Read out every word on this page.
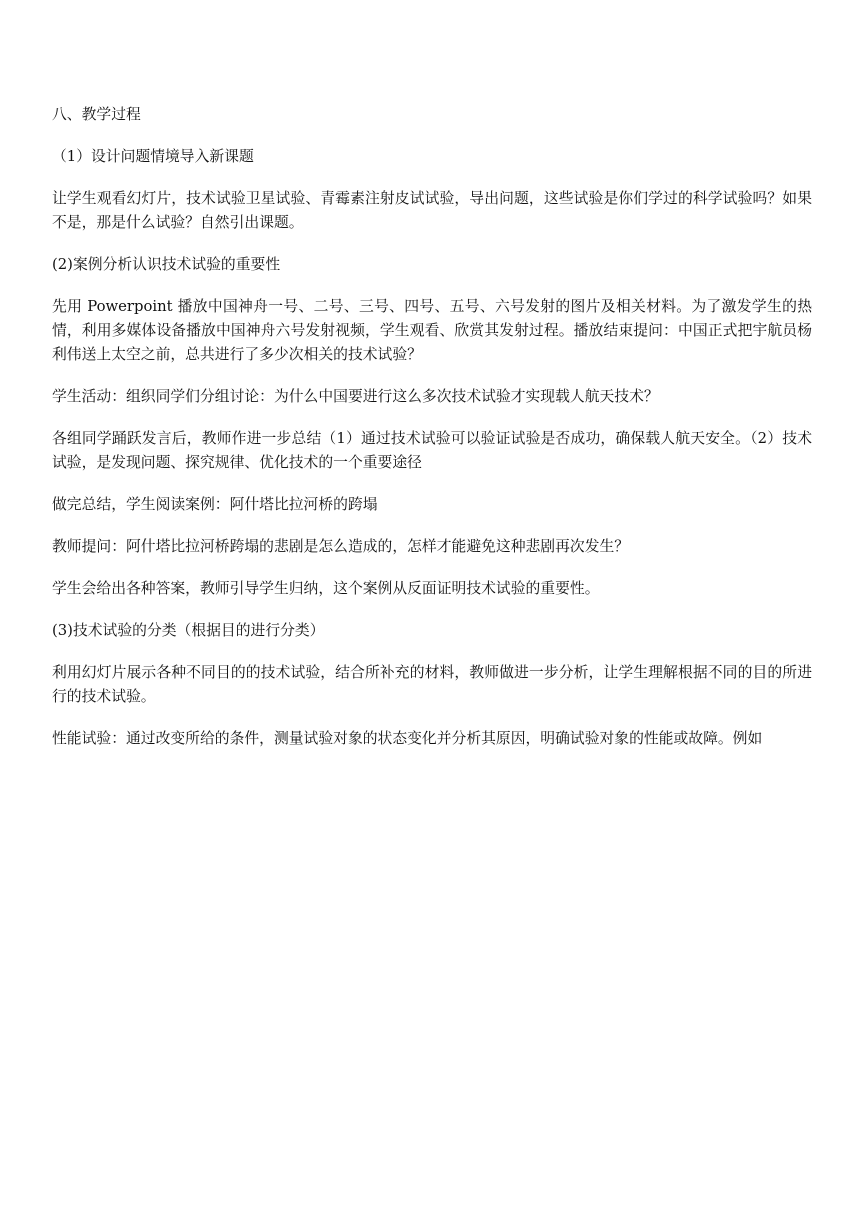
八、教学过程

（1）设计问题情境导入新课题

让学生观看幻灯片，技术试验卫星试验、青霉素注射皮试试验，导出问题，这些试验是你们学过的科学试验吗？如果不是，那是什么试验？自然引出课题。

(2)案例分析认识技术试验的重要性

先用 Powerpoint 播放中国神舟一号、二号、三号、四号、五号、六号发射的图片及相关材料。为了激发学生的热情，利用多媒体设备播放中国神舟六号发射视频，学生观看、欣赏其发射过程。播放结束提问：中国正式把宇航员杨利伟送上太空之前，总共进行了多少次相关的技术试验？

学生活动：组织同学们分组讨论：为什么中国要进行这么多次技术试验才实现载人航天技术？

各组同学踊跃发言后，教师作进一步总结（1）通过技术试验可以验证试验是否成功，确保载人航天安全。（2）技术试验，是发现问题、探究规律、优化技术的一个重要途径

做完总结，学生阅读案例：阿什塔比拉河桥的跨塌

教师提问：阿什塔比拉河桥跨塌的悲剧是怎么造成的，怎样才能避免这种悲剧再次发生？

学生会给出各种答案，教师引导学生归纳，这个案例从反面证明技术试验的重要性。

(3)技术试验的分类（根据目的进行分类）

利用幻灯片展示各种不同目的的技术试验，结合所补充的材料，教师做进一步分析，让学生理解根据不同的目的所进行的技术试验。

性能试验：通过改变所给的条件，测量试验对象的状态变化并分析其原因，明确试验对象的性能或故障。例如
